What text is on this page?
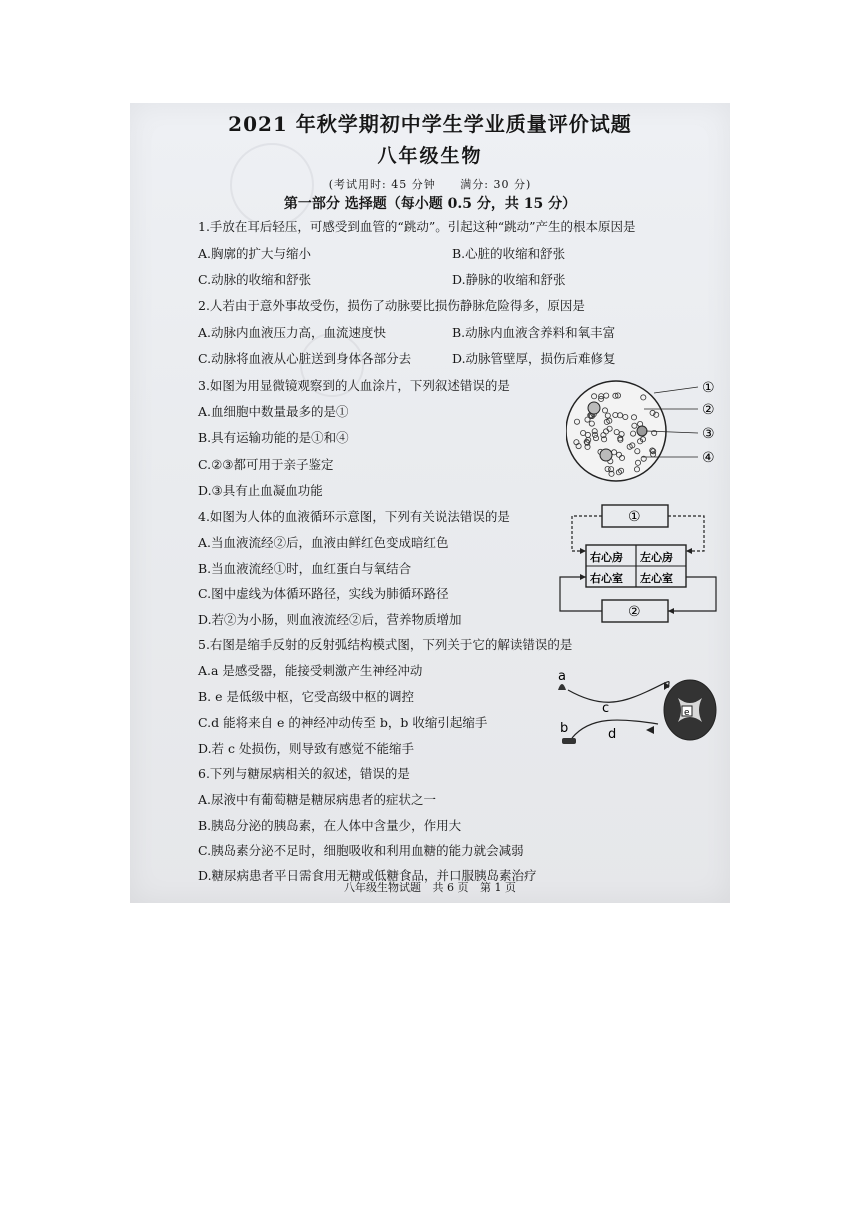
2021 年秋学期初中学生学业质量评价试题
八年级生物
(考试用时: 45 分钟 满分: 30 分)
第一部分 选择题（每小题 0.5 分，共 15 分）
1.手放在耳后轻压，可感受到血管的“跳动”。引起这种“跳动”产生的根本原因是
A.胸廓的扩大与缩小	B.心脏的收缩和舒张
C.动脉的收缩和舒张	D.静脉的收缩和舒张
2.人若由于意外事故受伤，损伤了动脉要比损伤静脉危险得多，原因是
A.动脉内血液压力高，血流速度快	B.动脉内血液含养料和氧丰富
C.动脉将血液从心脏送到身体各部分去	D.动脉管壁厚，损伤后难修复
3.如图为用显微镜观察到的人血涂片，下列叙述错误的是
A.血细胞中数量最多的是①
B.具有运输功能的是①和④
C.②③都可用于亲子鉴定
D.③具有止血凝血功能
4.如图为人体的血液循环示意图，下列有关说法错误的是
A.当血液流经②后，血液由鲜红色变成暗红色
B.当血液流经①时，血红蛋白与氧结合
C.图中虚线为体循环路径，实线为肺循环路径
D.若②为小肠，则血液流经②后，营养物质增加
5.右图是缩手反射的反射弧结构模式图，下列关于它的解读错误的是
A.a 是感受器，能接受刺激产生神经冲动
B. e 是低级中枢，它受高级中枢的调控
C.d 能将来自 e 的神经冲动传至 b，b 收缩引起缩手
D.若 c 处损伤，则导致有感觉不能缩手
6.下列与糖尿病相关的叙述，错误的是
A.尿液中有葡萄糖是糖尿病患者的症状之一
B.胰岛分泌的胰岛素，在人体中含量少，作用大
C.胰岛素分泌不足时，细胞吸收和利用血糖的能力就会减弱
D.糖尿病患者平日需食用无糖或低糖食品，并口服胰岛素治疗
八年级生物试题 共 6 页 第 1 页
①
②
③
④
①
②
右心房 左心房
右心室 左心室
a
b
c
d
e
